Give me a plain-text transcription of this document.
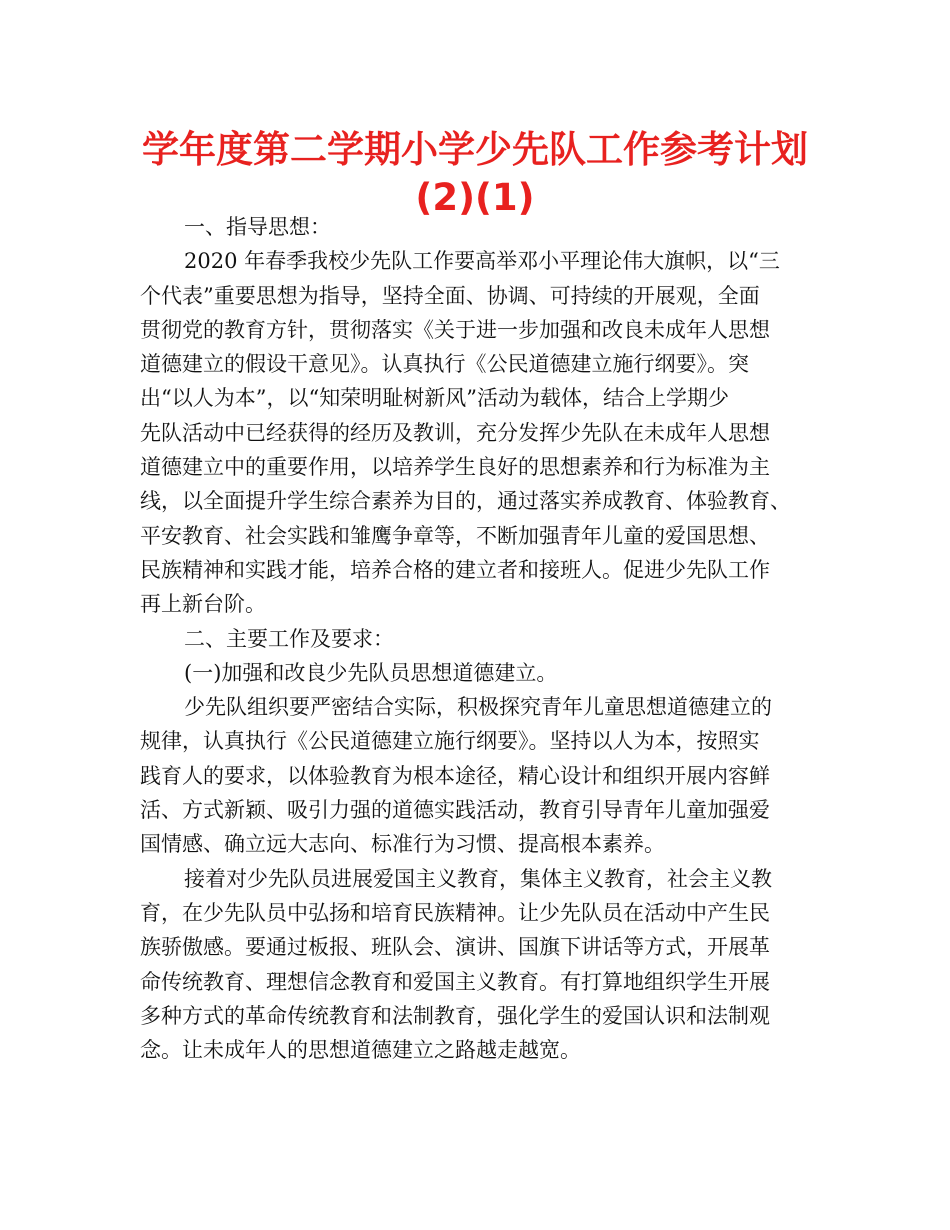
学年度第二学期小学少先队工作参考计划
(2)(1)
一、指导思想：
2020 年春季我校少先队工作要高举邓小平理论伟大旗帜，以“三
个代表”重要思想为指导，坚持全面、协调、可持续的开展观，全面
贯彻党的教育方针，贯彻落实《关于进一步加强和改良未成年人思想
道德建立的假设干意见》。认真执行《公民道德建立施行纲要》。突
出“以人为本”，以“知荣明耻树新风”活动为载体，结合上学期少
先队活动中已经获得的经历及教训，充分发挥少先队在未成年人思想
道德建立中的重要作用，以培养学生良好的思想素养和行为标准为主
线，以全面提升学生综合素养为目的，通过落实养成教育、体验教育、
平安教育、社会实践和雏鹰争章等，不断加强青年儿童的爱国思想、
民族精神和实践才能，培养合格的建立者和接班人。促进少先队工作
再上新台阶。
二、主要工作及要求：
(一)加强和改良少先队员思想道德建立。
少先队组织要严密结合实际，积极探究青年儿童思想道德建立的
规律，认真执行《公民道德建立施行纲要》。坚持以人为本，按照实
践育人的要求，以体验教育为根本途径，精心设计和组织开展内容鲜
活、方式新颖、吸引力强的道德实践活动，教育引导青年儿童加强爱
国情感、确立远大志向、标准行为习惯、提高根本素养。
接着对少先队员进展爱国主义教育，集体主义教育，社会主义教
育，在少先队员中弘扬和培育民族精神。让少先队员在活动中产生民
族骄傲感。要通过板报、班队会、演讲、国旗下讲话等方式，开展革
命传统教育、理想信念教育和爱国主义教育。有打算地组织学生开展
多种方式的革命传统教育和法制教育，强化学生的爱国认识和法制观
念。让未成年人的思想道德建立之路越走越宽。
